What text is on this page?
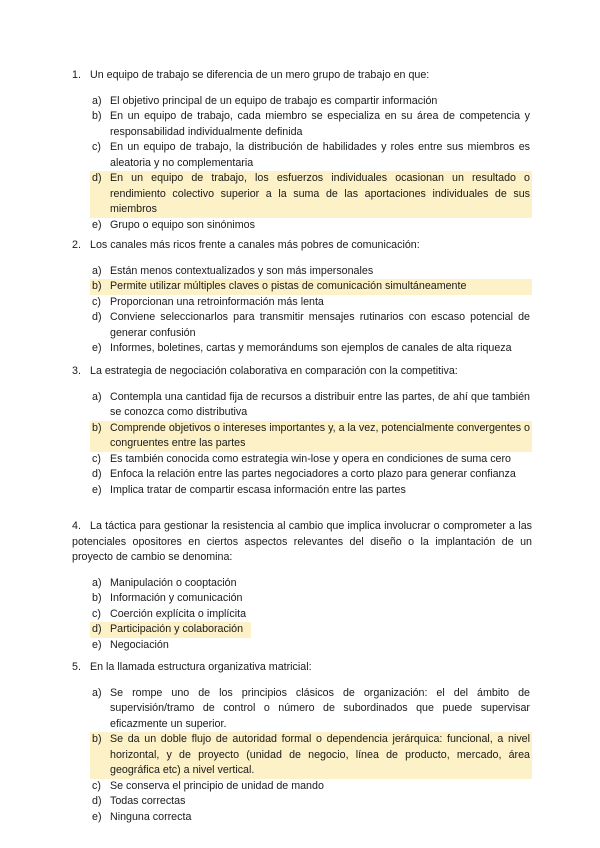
1. Un equipo de trabajo se diferencia de un mero grupo de trabajo en que:

a) El objetivo principal de un equipo de trabajo es compartir información
b) En un equipo de trabajo, cada miembro se especializa en su área de competencia y responsabilidad individualmente definida
c) En un equipo de trabajo, la distribución de habilidades y roles entre sus miembros es aleatoria y no complementaria
d) En un equipo de trabajo, los esfuerzos individuales ocasionan un resultado o rendimiento colectivo superior a la suma de las aportaciones individuales de sus miembros
e) Grupo o equipo son sinónimos

2. Los canales más ricos frente a canales más pobres de comunicación:

a) Están menos contextualizados y son más impersonales
b) Permite utilizar múltiples claves o pistas de comunicación simultáneamente
c) Proporcionan una retroinformación más lenta
d) Conviene seleccionarlos para transmitir mensajes rutinarios con escaso potencial de generar confusión
e) Informes, boletines, cartas y memorándums son ejemplos de canales de alta riqueza

3. La estrategia de negociación colaborativa en comparación con la competitiva:

a) Contempla una cantidad fija de recursos a distribuir entre las partes, de ahí que también se conozca como distributiva
b) Comprende objetivos o intereses importantes y, a la vez, potencialmente convergentes o congruentes entre las partes
c) Es también conocida como estrategia win-lose y opera en condiciones de suma cero
d) Enfoca la relación entre las partes negociadores a corto plazo para generar confianza
e) Implica tratar de compartir escasa información entre las partes

4. La táctica para gestionar la resistencia al cambio que implica involucrar o comprometer a las potenciales opositores en ciertos aspectos relevantes del diseño o la implantación de un proyecto de cambio se denomina:

a) Manipulación o cooptación
b) Información y comunicación
c) Coerción explícita o implícita
d) Participación y colaboración
e) Negociación

5. En la llamada estructura organizativa matricial:

a) Se rompe uno de los principios clásicos de organización: el del ámbito de supervisión/tramo de control o número de subordinados que puede supervisar eficazmente un superior.
b) Se da un doble flujo de autoridad formal o dependencia jerárquica: funcional, a nivel horizontal, y de proyecto (unidad de negocio, línea de producto, mercado, área geográfica etc) a nivel vertical.
c) Se conserva el principio de unidad de mando
d) Todas correctas
e) Ninguna correcta
